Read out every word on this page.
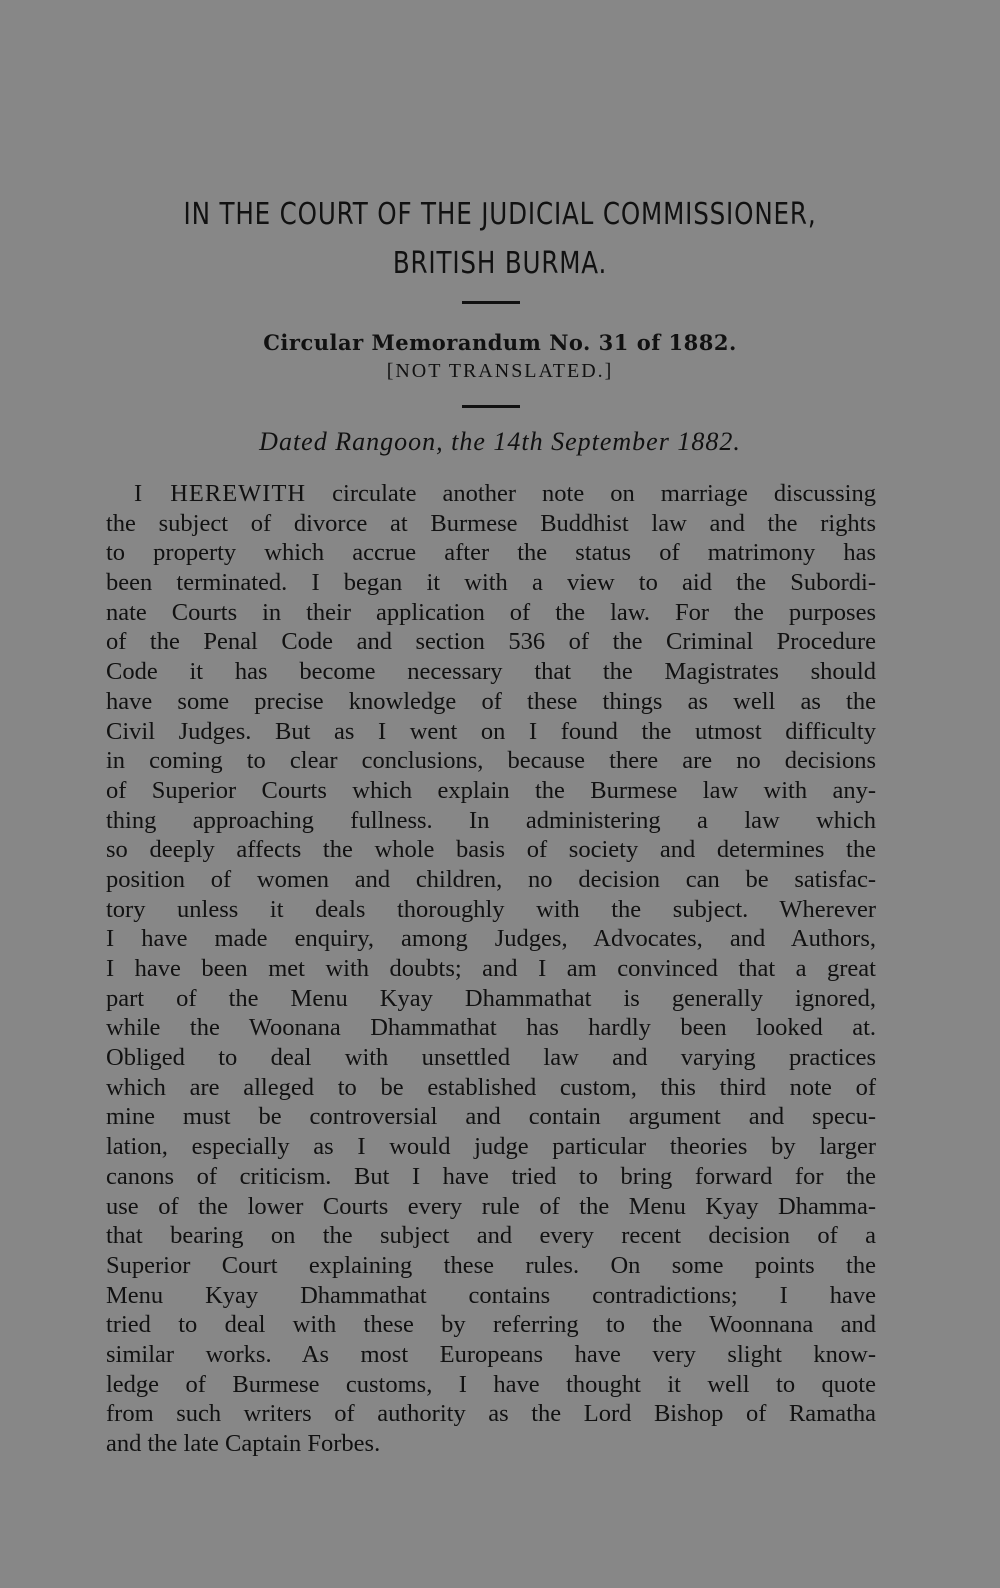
IN THE COURT OF THE JUDICIAL COMMISSIONER,
BRITISH BURMA.
Circular Memorandum No. 31 of 1882.
[NOT TRANSLATED.]
Dated Rangoon, the 14th September 1882.
I HEREWITH circulate another note on marriage discussing
the subject of divorce at Burmese Buddhist law and the rights
to property which accrue after the status of matrimony has
been terminated. I began it with a view to aid the Subordi-
nate Courts in their application of the law. For the purposes
of the Penal Code and section 536 of the Criminal Procedure
Code it has become necessary that the Magistrates should
have some precise knowledge of these things as well as the
Civil Judges. But as I went on I found the utmost difficulty
in coming to clear conclusions, because there are no decisions
of Superior Courts which explain the Burmese law with any-
thing approaching fullness. In administering a law which
so deeply affects the whole basis of society and determines the
position of women and children, no decision can be satisfac-
tory unless it deals thoroughly with the subject. Wherever
I have made enquiry, among Judges, Advocates, and Authors,
I have been met with doubts; and I am convinced that a great
part of the Menu Kyay Dhammathat is generally ignored,
while the Woonana Dhammathat has hardly been looked at.
Obliged to deal with unsettled law and varying practices
which are alleged to be established custom, this third note of
mine must be controversial and contain argument and specu-
lation, especially as I would judge particular theories by larger
canons of criticism. But I have tried to bring forward for the
use of the lower Courts every rule of the Menu Kyay Dhamma-
that bearing on the subject and every recent decision of a
Superior Court explaining these rules. On some points the
Menu Kyay Dhammathat contains contradictions; I have
tried to deal with these by referring to the Woonnana and
similar works. As most Europeans have very slight know-
ledge of Burmese customs, I have thought it well to quote
from such writers of authority as the Lord Bishop of Ramatha
and the late Captain Forbes.
